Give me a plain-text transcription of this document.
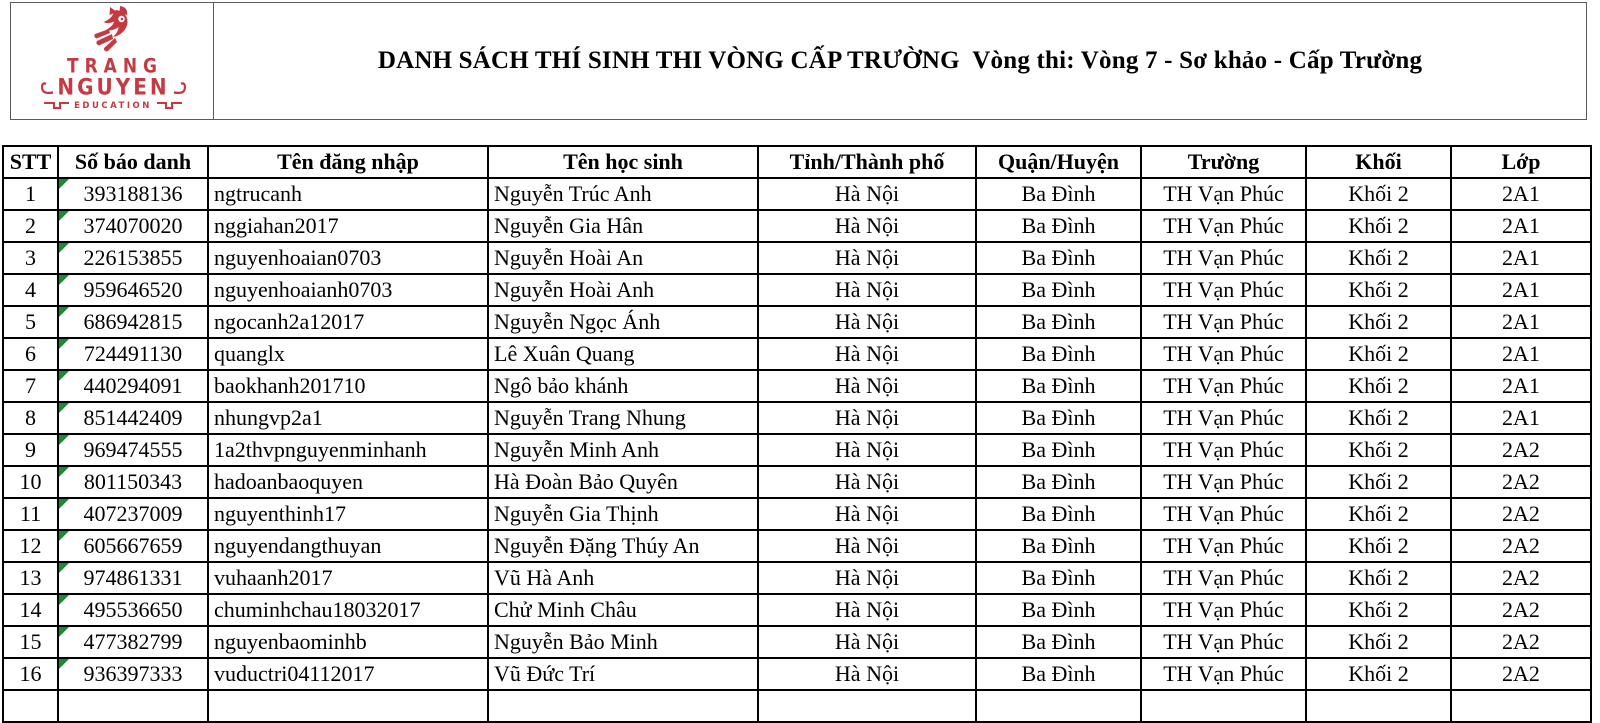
TRANG
NGUYEN
EDUCATION
DANH SÁCH THÍ SINH THI VÒNG CẤP TRƯỜNG  Vòng thi: Vòng 7 - Sơ khảo - Cấp Trường
STT	Số báo danh	Tên đăng nhập	Tên học sinh	Tỉnh/Thành phố	Quận/Huyện	Trường	Khối	Lớp
1	393188136	ngtrucanh	Nguyễn Trúc Anh	Hà Nội	Ba Đình	TH Vạn Phúc	Khối 2	2A1
2	374070020	nggiahan2017	Nguyễn Gia Hân	Hà Nội	Ba Đình	TH Vạn Phúc	Khối 2	2A1
3	226153855	nguyenhoaian0703	Nguyễn Hoài An	Hà Nội	Ba Đình	TH Vạn Phúc	Khối 2	2A1
4	959646520	nguyenhoaianh0703	Nguyễn Hoài Anh	Hà Nội	Ba Đình	TH Vạn Phúc	Khối 2	2A1
5	686942815	ngocanh2a12017	Nguyễn Ngọc Ánh	Hà Nội	Ba Đình	TH Vạn Phúc	Khối 2	2A1
6	724491130	quanglx	Lê Xuân Quang	Hà Nội	Ba Đình	TH Vạn Phúc	Khối 2	2A1
7	440294091	baokhanh201710	Ngô bảo khánh	Hà Nội	Ba Đình	TH Vạn Phúc	Khối 2	2A1
8	851442409	nhungvp2a1	Nguyễn Trang Nhung	Hà Nội	Ba Đình	TH Vạn Phúc	Khối 2	2A1
9	969474555	1a2thvpnguyenminhanh	Nguyễn Minh Anh	Hà Nội	Ba Đình	TH Vạn Phúc	Khối 2	2A2
10	801150343	hadoanbaoquyen	Hà Đoàn Bảo Quyên	Hà Nội	Ba Đình	TH Vạn Phúc	Khối 2	2A2
11	407237009	nguyenthinh17	Nguyễn Gia Thịnh	Hà Nội	Ba Đình	TH Vạn Phúc	Khối 2	2A2
12	605667659	nguyendangthuyan	Nguyễn Đặng Thúy An	Hà Nội	Ba Đình	TH Vạn Phúc	Khối 2	2A2
13	974861331	vuhaanh2017	Vũ Hà Anh	Hà Nội	Ba Đình	TH Vạn Phúc	Khối 2	2A2
14	495536650	chuminhchau18032017	Chử Minh Châu	Hà Nội	Ba Đình	TH Vạn Phúc	Khối 2	2A2
15	477382799	nguyenbaominhb	Nguyễn Bảo Minh	Hà Nội	Ba Đình	TH Vạn Phúc	Khối 2	2A2
16	936397333	vuductri04112017	Vũ Đức Trí	Hà Nội	Ba Đình	TH Vạn Phúc	Khối 2	2A2
